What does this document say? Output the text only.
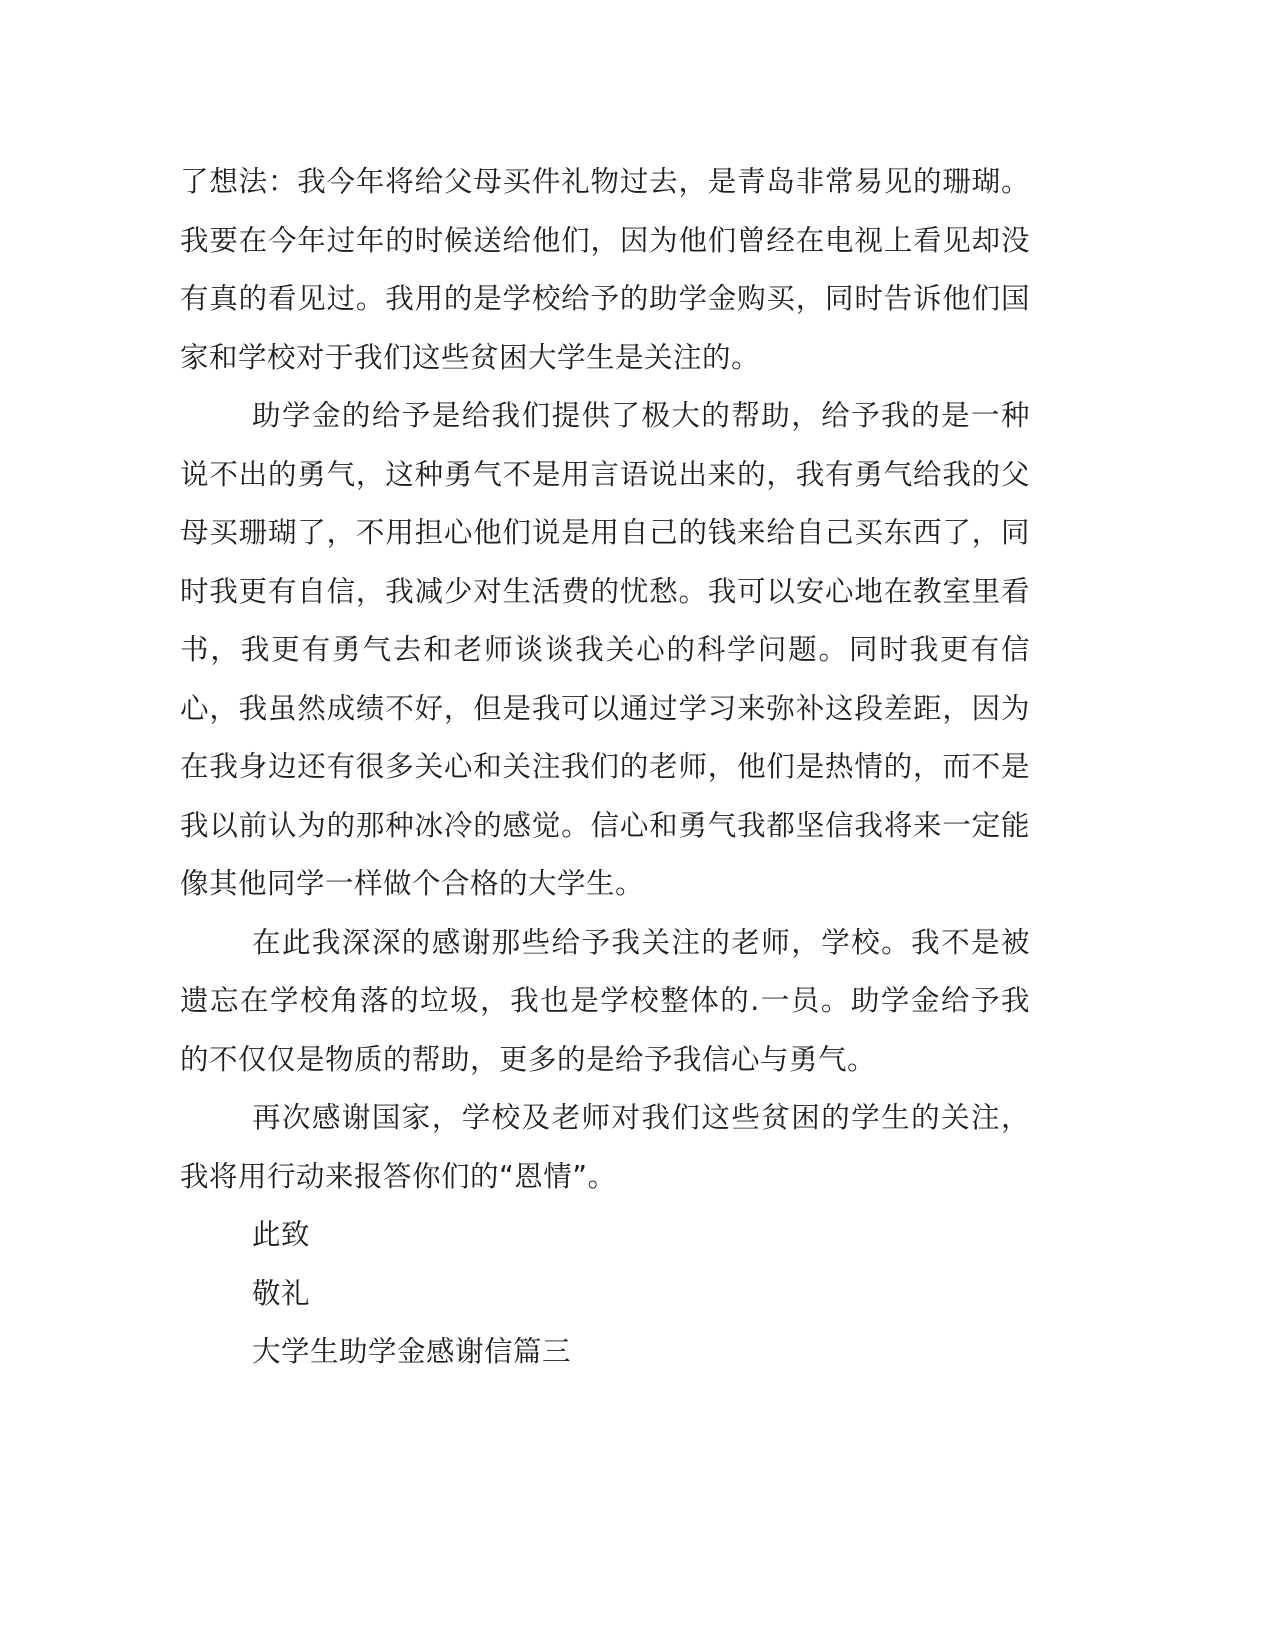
了想法：我今年将给父母买件礼物过去，是青岛非常易见的珊瑚。我要在今年过年的时候送给他们，因为他们曾经在电视上看见却没有真的看见过。我用的是学校给予的助学金购买，同时告诉他们国家和学校对于我们这些贫困大学生是关注的。

助学金的给予是给我们提供了极大的帮助，给予我的是一种说不出的勇气，这种勇气不是用言语说出来的，我有勇气给我的父母买珊瑚了，不用担心他们说是用自己的钱来给自己买东西了，同时我更有自信，我减少对生活费的忧愁。我可以安心地在教室里看书，我更有勇气去和老师谈谈我关心的科学问题。同时我更有信心，我虽然成绩不好，但是我可以通过学习来弥补这段差距，因为在我身边还有很多关心和关注我们的老师，他们是热情的，而不是我以前认为的那种冰冷的感觉。信心和勇气我都坚信我将来一定能像其他同学一样做个合格的大学生。

在此我深深的感谢那些给予我关注的老师，学校。我不是被遗忘在学校角落的垃圾，我也是学校整体的.一员。助学金给予我的不仅仅是物质的帮助，更多的是给予我信心与勇气。

再次感谢国家，学校及老师对我们这些贫困的学生的关注，我将用行动来报答你们的“恩情”。

此致

敬礼

大学生助学金感谢信篇三
